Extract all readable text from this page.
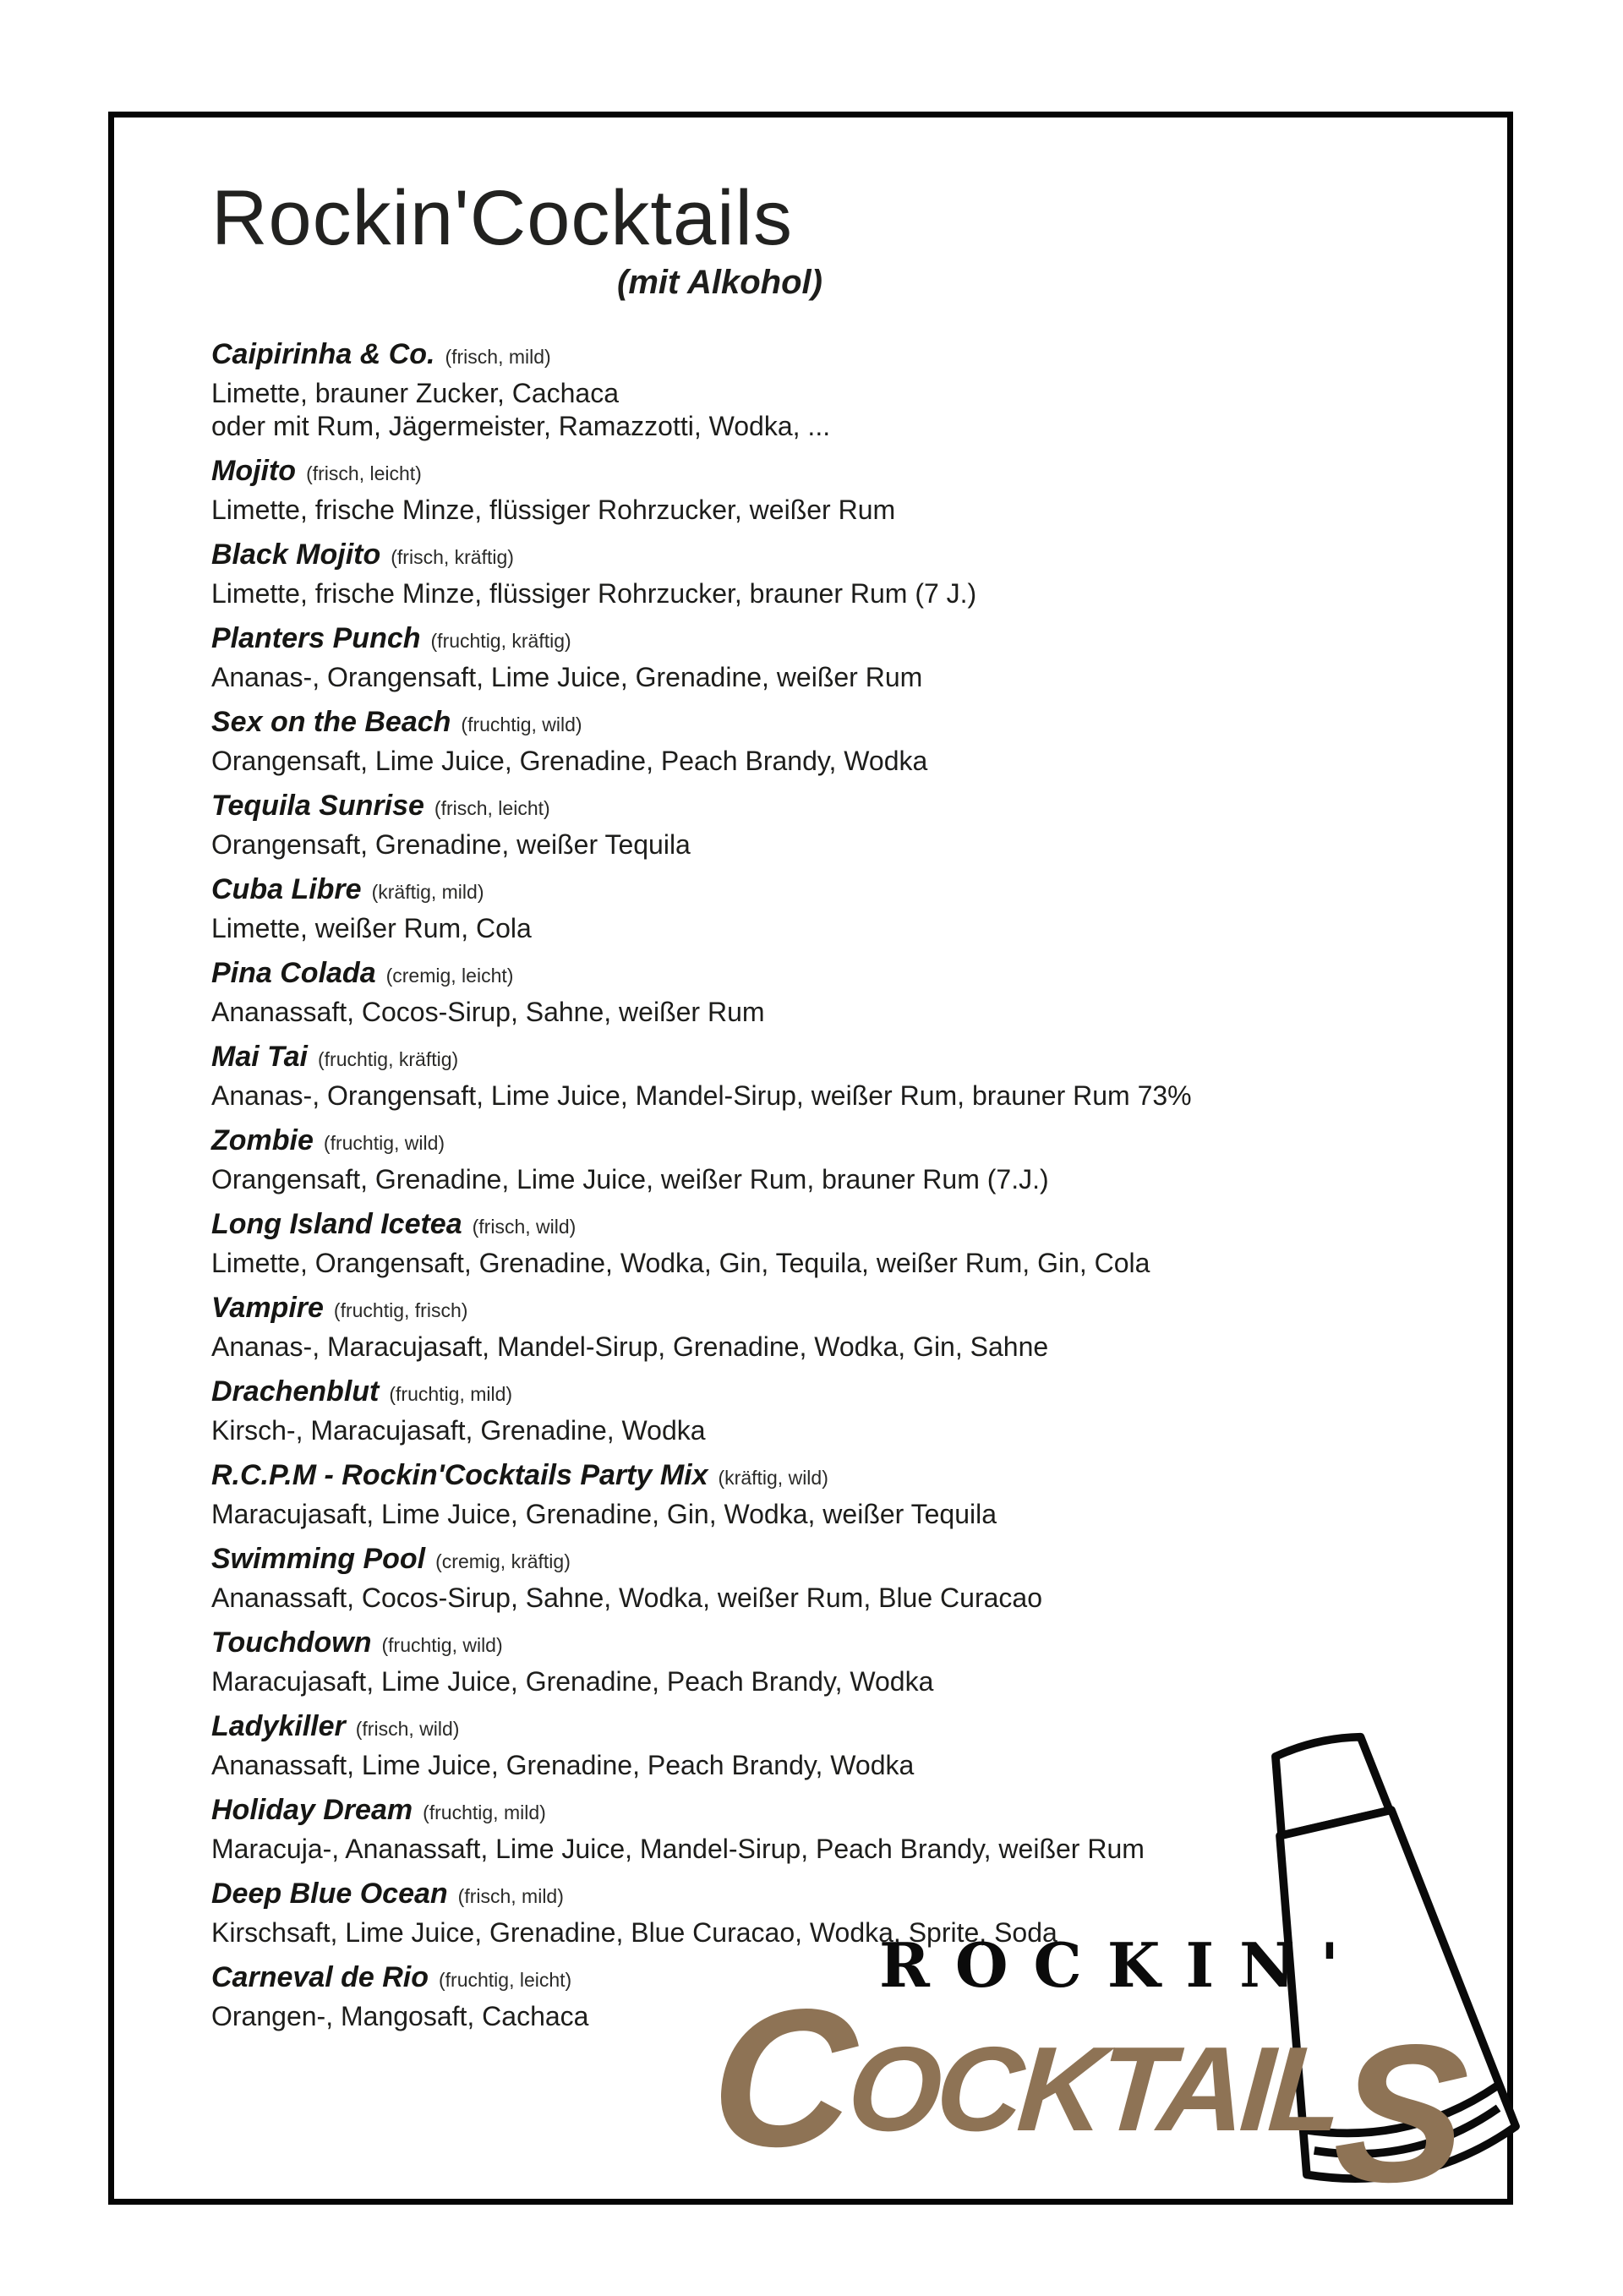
Rockin'Cocktails
(mit Alkohol)
Caipirinha & Co. (frisch, mild)
Limette, brauner Zucker, Cachaca
oder mit Rum, Jägermeister, Ramazzotti, Wodka, ...
Mojito (frisch, leicht)
Limette, frische Minze, flüssiger Rohrzucker, weißer Rum
Black Mojito (frisch, kräftig)
Limette, frische Minze, flüssiger Rohrzucker, brauner Rum (7 J.)
Planters Punch (fruchtig, kräftig)
Ananas-, Orangensaft, Lime Juice, Grenadine, weißer Rum
Sex on the Beach (fruchtig, wild)
Orangensaft, Lime Juice, Grenadine, Peach Brandy, Wodka
Tequila Sunrise (frisch, leicht)
Orangensaft, Grenadine, weißer Tequila
Cuba Libre (kräftig, mild)
Limette, weißer Rum, Cola
Pina Colada (cremig, leicht)
Ananassaft, Cocos-Sirup, Sahne, weißer Rum
Mai Tai (fruchtig, kräftig)
Ananas-, Orangensaft, Lime Juice, Mandel-Sirup, weißer Rum, brauner Rum 73%
Zombie (fruchtig, wild)
Orangensaft, Grenadine, Lime Juice, weißer Rum, brauner Rum (7.J.)
Long Island Icetea (frisch, wild)
Limette, Orangensaft, Grenadine, Wodka, Gin, Tequila, weißer Rum, Gin, Cola
Vampire (fruchtig, frisch)
Ananas-, Maracujasaft, Mandel-Sirup, Grenadine, Wodka, Gin, Sahne
Drachenblut (fruchtig, mild)
Kirsch-, Maracujasaft, Grenadine, Wodka
R.C.P.M - Rockin'Cocktails Party Mix (kräftig, wild)
Maracujasaft, Lime Juice, Grenadine, Gin, Wodka, weißer Tequila
Swimming Pool (cremig, kräftig)
Ananassaft, Cocos-Sirup, Sahne, Wodka, weißer Rum, Blue Curacao
Touchdown (fruchtig, wild)
Maracujasaft, Lime Juice, Grenadine, Peach Brandy, Wodka
Ladykiller (frisch, wild)
Ananassaft, Lime Juice, Grenadine, Peach Brandy, Wodka
Holiday Dream (fruchtig, mild)
Maracuja-, Ananassaft, Lime Juice, Mandel-Sirup, Peach Brandy, weißer Rum
Deep Blue Ocean (frisch, mild)
Kirschsaft, Lime Juice, Grenadine, Blue Curacao, Wodka, Sprite, Soda
Carneval de Rio (fruchtig, leicht)
Orangen-, Mangosaft, Cachaca
ROCKIN'
COCKTAILS
